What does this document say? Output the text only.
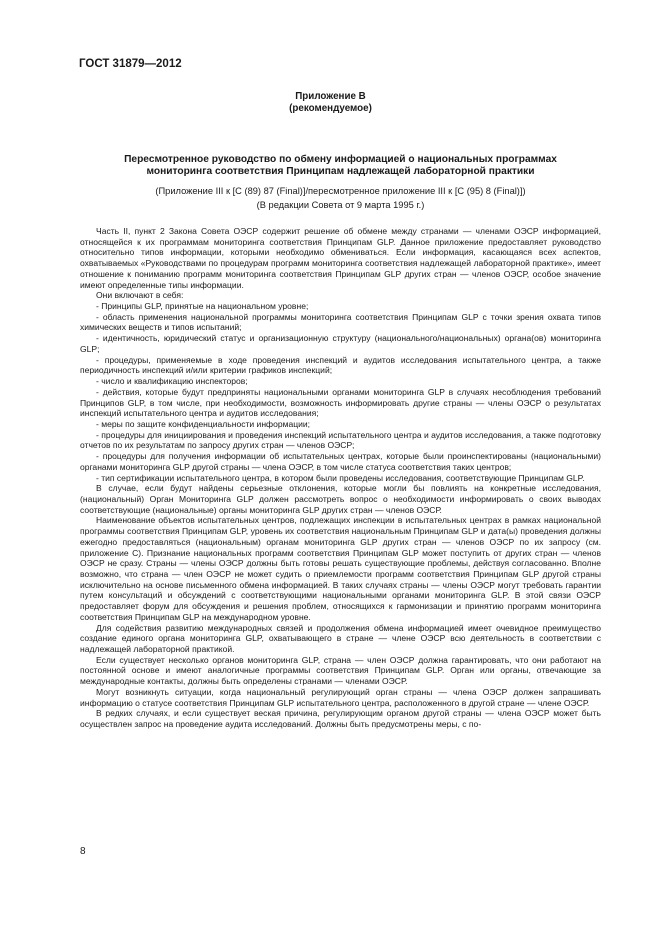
ГОСТ 31879—2012
Приложение В
(рекомендуемое)
Пересмотренное руководство по обмену информацией о национальных программах
мониторинга соответствия Принципам надлежащей лабораторной практики
(Приложение III к [С (89) 87 (Final)]/пересмотренное приложение III к [С (95) 8 (Final)])
(В редакции Совета от 9 марта 1995 г.)

Часть II, пункт 2 Закона Совета ОЭСР содержит решение об обмене между странами — членами ОЭСР информацией, относящейся к их программам мониторинга соответствия Принципам GLP. Данное приложение предоставляет руководство относительно типов информации, которыми необходимо обмениваться. Если информация, касающаяся всех аспектов, охватываемых «Руководствами по процедурам программ мониторинга соответствия надлежащей лабораторной практике», имеет отношение к пониманию программ мониторинга соответствия Принципам GLP других стран — членов ОЭСР, особое значение имеют определенные типы информации.

Они включают в себя:

- Принципы GLP, принятые на национальном уровне;

- область применения национальной программы мониторинга соответствия Принципам GLP с точки зрения охвата типов химических веществ и типов испытаний;

- идентичность, юридический статус и организационную структуру (национального/национальных) органа(ов) мониторинга GLP;

- процедуры, применяемые в ходе проведения инспекций и аудитов исследования испытательного центра, а также периодичность инспекций и/или критерии графиков инспекций;

- число и квалификацию инспекторов;

- действия, которые будут предприняты национальными органами мониторинга GLP в случаях несоблюдения требований Принципов GLP, в том числе, при необходимости, возможность информировать другие страны — члены ОЭСР о результатах инспекций испытательного центра и аудитов исследования;

- меры по защите конфиденциальности информации;

- процедуры для инициирования и проведения инспекций испытательного центра и аудитов исследования, а также подготовку отчетов по их результатам по запросу других стран — членов ОЭСР;

- процедуры для получения информации об испытательных центрах, которые были проинспектированы (национальными) органами мониторинга GLP другой страны — члена ОЭСР, в том числе статуса соответствия таких центров;

- тип сертификации испытательного центра, в котором были проведены исследования, соответствующие Принципам GLP.

В случае, если будут найдены серьезные отклонения, которые могли бы повлиять на конкретные исследования, (национальный) Орган Мониторинга GLP должен рассмотреть вопрос о необходимости информировать о своих выводах соответствующие (национальные) органы мониторинга GLP других стран — членов ОЭСР.

Наименование объектов испытательных центров, подлежащих инспекции в испытательных центрах в рамках национальной программы соответствия Принципам GLP, уровень их соответствия национальным Принципам GLP и дата(ы) проведения должны ежегодно предоставляться (национальным) органам мониторинга GLP других стран — членов ОЭСР по их запросу (см. приложение С). Признание национальных программ соответствия Принципам GLP может поступить от других стран — членов ОЭСР не сразу. Страны — члены ОЭСР должны быть готовы решать существующие проблемы, действуя согласованно. Вполне возможно, что страна — член ОЭСР не может судить о приемлемости программ соответствия Принципам GLP другой страны исключительно на основе письменного обмена информацией. В таких случаях страны — члены ОЭСР могут требовать гарантии путем консультаций и обсуждений с соответствующими национальными органами мониторинга GLP. В этой связи ОЭСР предоставляет форум для обсуждения и решения проблем, относящихся к гармонизации и принятию программ мониторинга соответствия Принципам GLP на международном уровне.

Для содействия развитию международных связей и продолжения обмена информацией имеет очевидное преимущество создание единого органа мониторинга GLP, охватывающего в стране — члене ОЭСР всю деятельность в соответствии с надлежащей лабораторной практикой.

Если существует несколько органов мониторинга GLP, страна — член ОЭСР должна гарантировать, что они работают на постоянной основе и имеют аналогичные программы соответствия Принципам GLP. Орган или органы, отвечающие за международные контакты, должны быть определены странами — членами ОЭСР.

Могут возникнуть ситуации, когда национальный регулирующий орган страны — члена ОЭСР должен запрашивать информацию о статусе соответствия Принципам GLP испытательного центра, расположенного в другой стране — члене ОЭСР.

В редких случаях, и если существует веская причина, регулирующим органом другой страны — члена ОЭСР может быть осуществлен запрос на проведение аудита исследований. Должны быть предусмотрены меры, с по-

8
